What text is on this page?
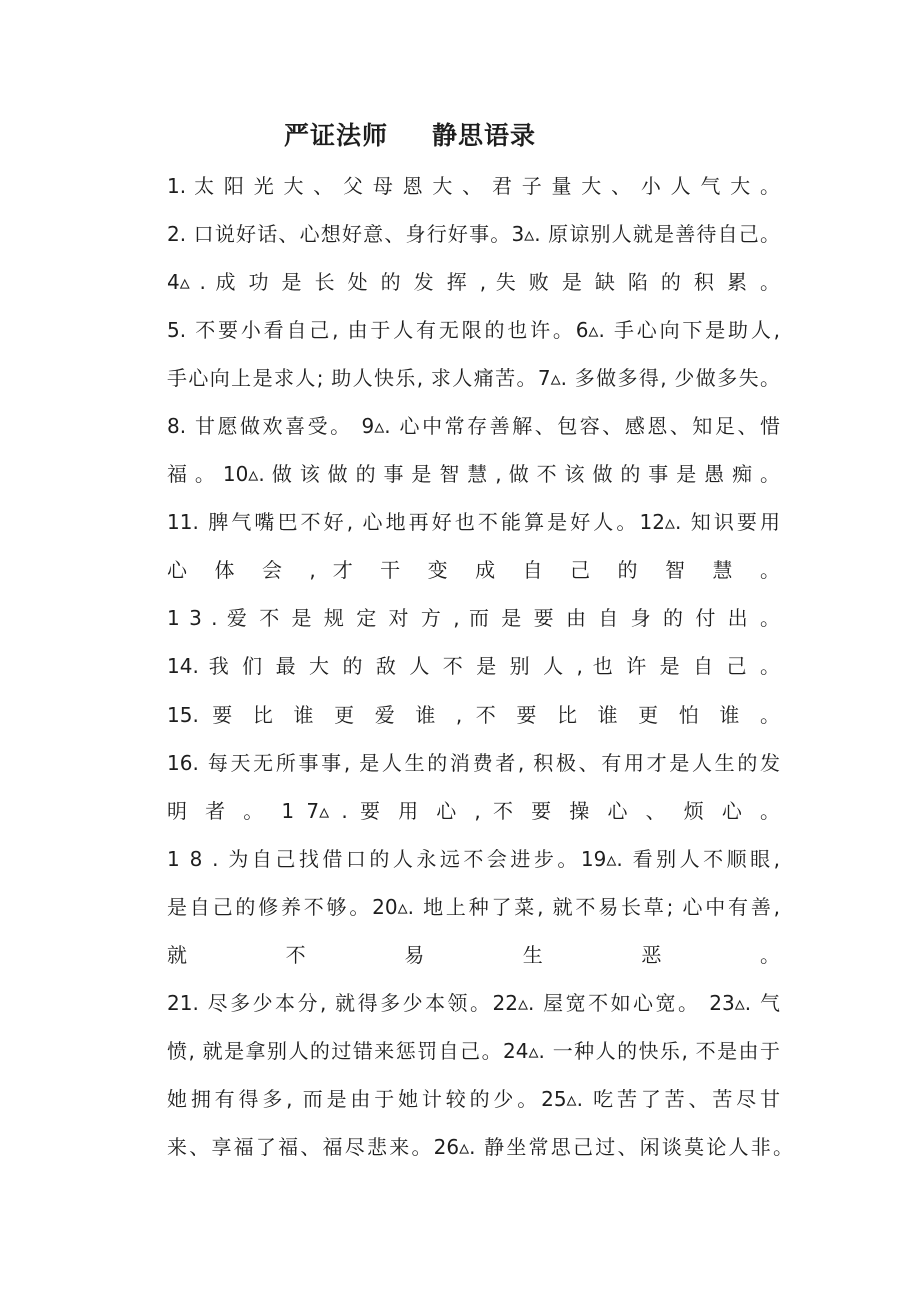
严证法师 静思语录
1. 太 阳 光 大 、 父 母 恩 大 、 君 子 量 大 、 小 人 气 大 。
2. 口说好话、心想好意、身行好事。3▵. 原谅别人就是善待自己。
4▵ . 成 功 是 长 处 的 发 挥 , 失 败 是 缺 陷 的 积 累 。
5. 不要小看自己, 由于人有无限的也许。6▵. 手心向下是助人,
手心向上是求人; 助人快乐, 求人痛苦。7▵. 多做多得, 少做多失。
8. 甘愿做欢喜受。 9▵. 心中常存善解、包容、感恩、知足、惜
福 。 10▵. 做 该 做 的 事 是 智 慧 , 做 不 该 做 的 事 是 愚 痴 。
11. 脾气嘴巴不好, 心地再好也不能算是好人。12▵. 知识要用
心 体 会 , 才 干 变 成 自 己 的 智 慧 。
1 3 . 爱 不 是 规 定 对 方 , 而 是 要 由 自 身 的 付 出 。
14. 我 们 最 大 的 敌 人 不 是 别 人 , 也 许 是 自 己 。
15. 要 比 谁 更 爱 谁 , 不 要 比 谁 更 怕 谁 。
16. 每天无所事事, 是人生的消费者, 积极、有用才是人生的发
明 者 。 1 7▵ . 要 用 心 , 不 要 操 心 、 烦 心 。
1 8 . 为自己找借口的人永远不会进步。19▵. 看别人不顺眼,
是自己的修养不够。20▵. 地上种了菜, 就不易长草; 心中有善,
就 不 易 生 恶 。
21. 尽多少本分, 就得多少本领。22▵. 屋宽不如心宽。 23▵. 气
愤, 就是拿别人的过错来惩罚自己。24▵. 一种人的快乐, 不是由于
她拥有得多, 而是由于她计较的少。25▵. 吃苦了苦、苦尽甘
来、享福了福、福尽悲来。26▵. 静坐常思己过、闲谈莫论人非。
